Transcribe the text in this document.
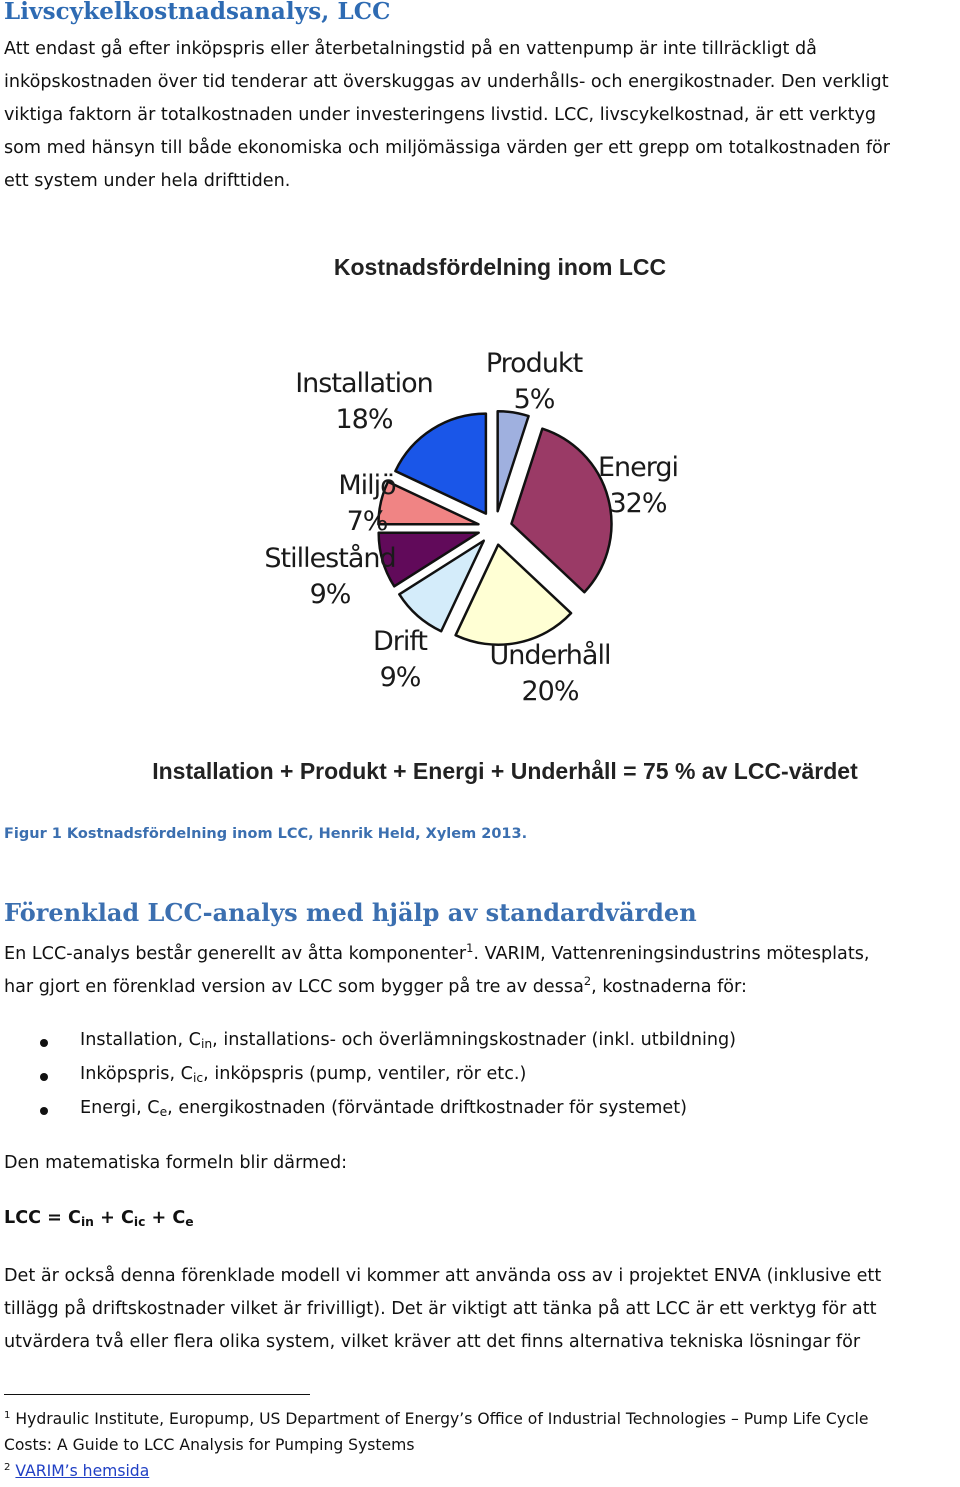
Livscykelkostnadsanalys, LCC

Att endast gå efter inköpspris eller återbetalningstid på en vattenpump är inte tillräckligt då
inköpskostnaden över tid tenderar att överskuggas av underhålls- och energikostnader. Den verkligt
viktiga faktorn är totalkostnaden under investeringens livstid. LCC, livscykelkostnad, är ett verktyg
som med hänsyn till både ekonomiska och miljömässiga värden ger ett grepp om totalkostnaden för
ett system under hela drifttiden.

Kostnadsfördelning inom LCC
Produkt
5%
Energi
32%
Underhåll
20%
Drift
9%
Stillestånd
9%
Miljö
7%
Installation
18%
Installation + Produkt + Energi + Underhåll = 75 % av LCC-värdet
Figur 1 Kostnadsfördelning inom LCC, Henrik Held, Xylem 2013.
Förenklad LCC-analys med hjälp av standardvärden

En LCC-analys består generellt av åtta komponenter$^1$. VARIM, Vattenreningsindustrins mötesplats,
har gjort en förenklad version av LCC som bygger på tre av dessa$^2$, kostnaderna för:

Installation, $C_{in}$, installations- och överlämningskostnader (inkl. utbildning)
Inköpspris, $C_{ic}$, inköpspris (pump, ventiler, rör etc.)
Energi, $C_e$, energikostnaden (förväntade driftkostnader för systemet)
Den matematiska formeln blir därmed:
LCC = $C_{in} + C_{ic} + C_e$

Det är också denna förenklade modell vi kommer att använda oss av i projektet ENVA (inklusive ett
tillägg på driftskostnader vilket är frivilligt). Det är viktigt att tänka på att LCC är ett verktyg för att
utvärdera två eller flera olika system, vilket kräver att det finns alternativa tekniska lösningar för

$^1$ Hydraulic Institute, Europump, US Department of Energy’s Office of Industrial Technologies – Pump Life Cycle
Costs: A Guide to LCC Analysis for Pumping Systems
$^2$ VARIM’s hemsida
